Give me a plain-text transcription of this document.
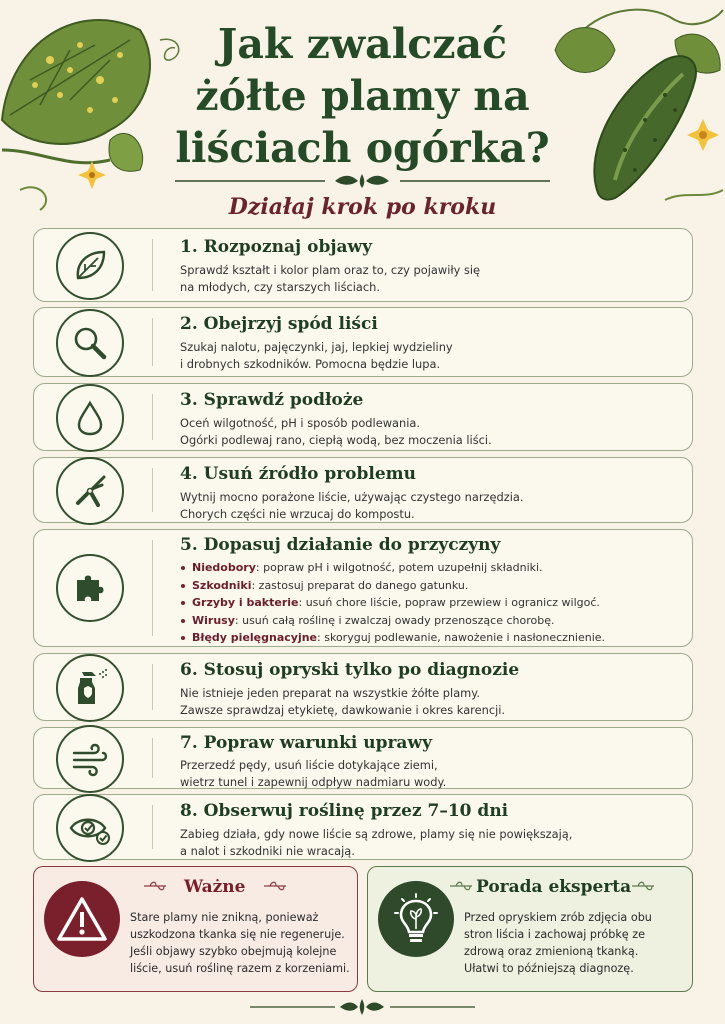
Jak zwalczać
żółte plamy na
liściach ogórka?
Działaj krok po kroku
1. Rozpoznaj objawy
Sprawdź kształt i kolor plam oraz to, czy pojawiły się
na młodych, czy starszych liściach.
2. Obejrzyj spód liści
Szukaj nalotu, pajęczynki, jaj, lepkiej wydzieliny
i drobnych szkodników. Pomocna będzie lupa.
3. Sprawdź podłoże
Oceń wilgotność, pH i sposób podlewania.
Ogórki podlewaj rano, ciepłą wodą, bez moczenia liści.
4. Usuń źródło problemu
Wytnij mocno porażone liście, używając czystego narzędzia.
Chorych części nie wrzucaj do kompostu.
5. Dopasuj działanie do przyczyny
Niedobory: popraw pH i wilgotność, potem uzupełnij składniki.
Szkodniki: zastosuj preparat do danego gatunku.
Grzyby i bakterie: usuń chore liście, popraw przewiew i ogranicz wilgoć.
Wirusy: usuń całą roślinę i zwalczaj owady przenoszące chorobę.
Błędy pielęgnacyjne: skoryguj podlewanie, nawożenie i nasłonecznienie.
6. Stosuj opryski tylko po diagnozie
Nie istnieje jeden preparat na wszystkie żółte plamy.
Zawsze sprawdzaj etykietę, dawkowanie i okres karencji.
7. Popraw warunki uprawy
Przerzedź pędy, usuń liście dotykające ziemi,
wietrz tunel i zapewnij odpływ nadmiaru wody.
8. Obserwuj roślinę przez 7–10 dni
Zabieg działa, gdy nowe liście są zdrowe, plamy się nie powiększają,
a nalot i szkodniki nie wracają.
Ważne
Stare plamy nie znikną, ponieważ
uszkodzona tkanka się nie regeneruje.
Jeśli objawy szybko obejmują kolejne
liście, usuń roślinę razem z korzeniami.
Porada eksperta
Przed opryskiem zrób zdjęcia obu
stron liścia i zachowaj próbkę ze
zdrową oraz zmienioną tkanką.
Ułatwi to późniejszą diagnozę.
